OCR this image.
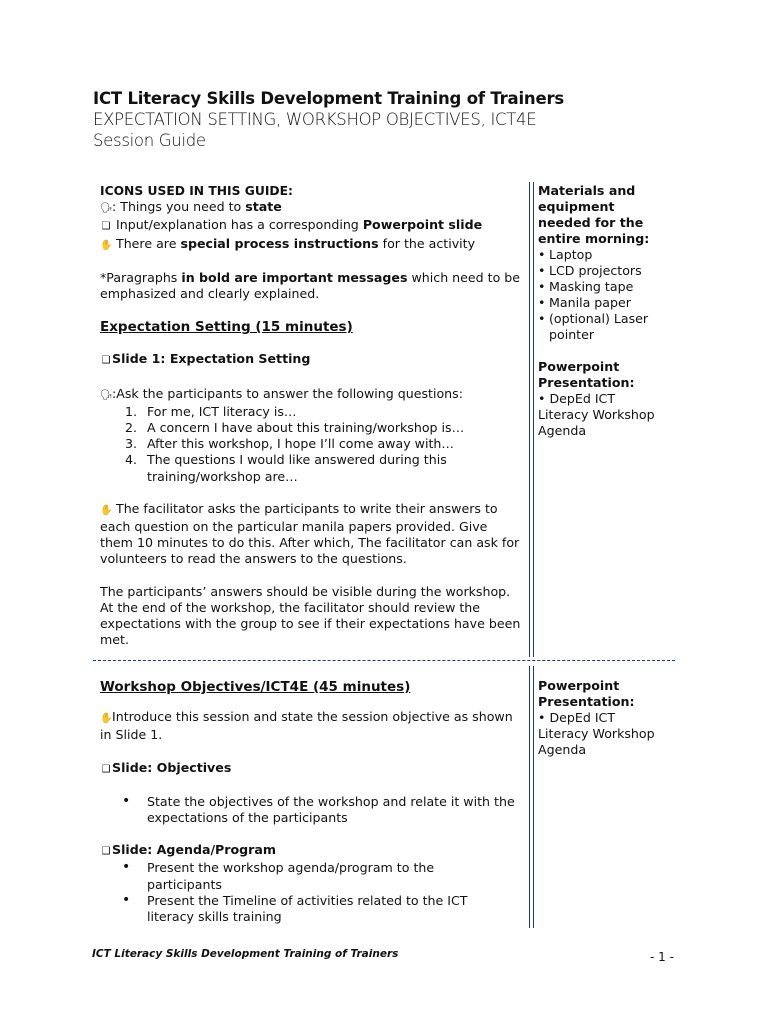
ICT Literacy Skills Development Training of Trainers
EXPECTATION SETTING, WORKSHOP OBJECTIVES, ICT4E
Session Guide

ICONS USED IN THIS GUIDE:

🗣: Things you need to state

❑ Input/explanation has a corresponding Powerpoint slide

✋ There are special process instructions for the activity

*Paragraphs in bold are important messages which need to be emphasized and clearly explained.

Expectation Setting (15 minutes)

❑ Slide 1: Expectation Setting

🗣:Ask the participants to answer the following questions:

1. For me, ICT literacy is…
2. A concern I have about this training/workshop is…
3. After this workshop, I hope I’ll come away with…
4. The questions I would like answered during this training/workshop are…

✋ The facilitator asks the participants to write their answers to each question on the particular manila papers provided. Give them 10 minutes to do this. After which, The facilitator can ask for volunteers to read the answers to the questions.

The participants’ answers should be visible during the workshop. At the end of the workshop, the facilitator should review the expectations with the group to see if their expectations have been met.

Materials and equipment needed for the entire morning:

• Laptop
• LCD projectors
• Masking tape
• Manila paper
• (optional) Laser pointer

Powerpoint Presentation:

• DepEd ICT Literacy Workshop Agenda

Workshop Objectives/ICT4E (45 minutes)

✋Introduce this session and state the session objective as shown in Slide 1.

❑ Slide: Objectives

• State the objectives of the workshop and relate it with the expectations of the participants

❑ Slide: Agenda/Program

• Present the workshop agenda/program to the participants
• Present the Timeline of activities related to the ICT literacy skills training

Powerpoint Presentation:

• DepEd ICT Literacy Workshop Agenda

ICT Literacy Skills Development Training of Trainers	- 1 -
